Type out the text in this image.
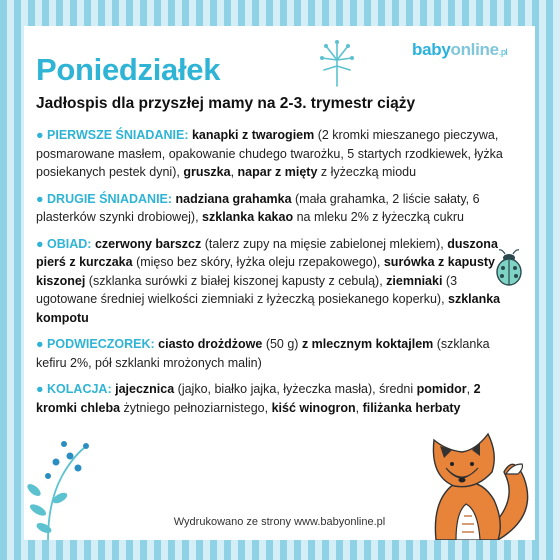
babyonline.pl
Poniedziałek
Jadłospis dla przyszłej mamy na 2-3. trymestr ciąży
● PIERWSZE ŚNIADANIE: kanapki z twarogiem (2 kromki mieszanego pieczywa, posmarowane masłem, opakowanie chudego twarożku, 5 startych rzodkiewek, łyżka posiekanych pestek dyni), gruszka, napar z mięty z łyżeczką miodu
● DRUGIE ŚNIADANIE: nadziana grahamka (mała grahamka, 2 liście sałaty, 6 plasterków szynki drobiowej), szklanka kakao na mleku 2% z łyżeczką cukru
● OBIAD: czerwony barszcz (talerz zupy na mięsie zabielonej mlekiem), duszona pierś z kurczaka (mięso bez skóry, łyżka oleju rzepakowego), surówka z kapusty kiszonej (szklanka surówki z białej kiszonej kapusty z cebulą), ziemniaki (3 ugotowane średniej wielkości ziemniaki z łyżeczką posiekanego koperku), szklanka kompotu
● PODWIECZOREK: ciasto drożdżowe (50 g) z mlecznym koktajlem (szklanka kefiru 2%, pół szklanki mrożonych malin)
● KOLACJA: jajecznica (jajko, białko jajka, łyżeczka masła), średni pomidor, 2 kromki chleba żytniego pełnoziarnistego, kiść winogron, filiżanka herbaty
Wydrukowano ze strony www.babyonline.pl
